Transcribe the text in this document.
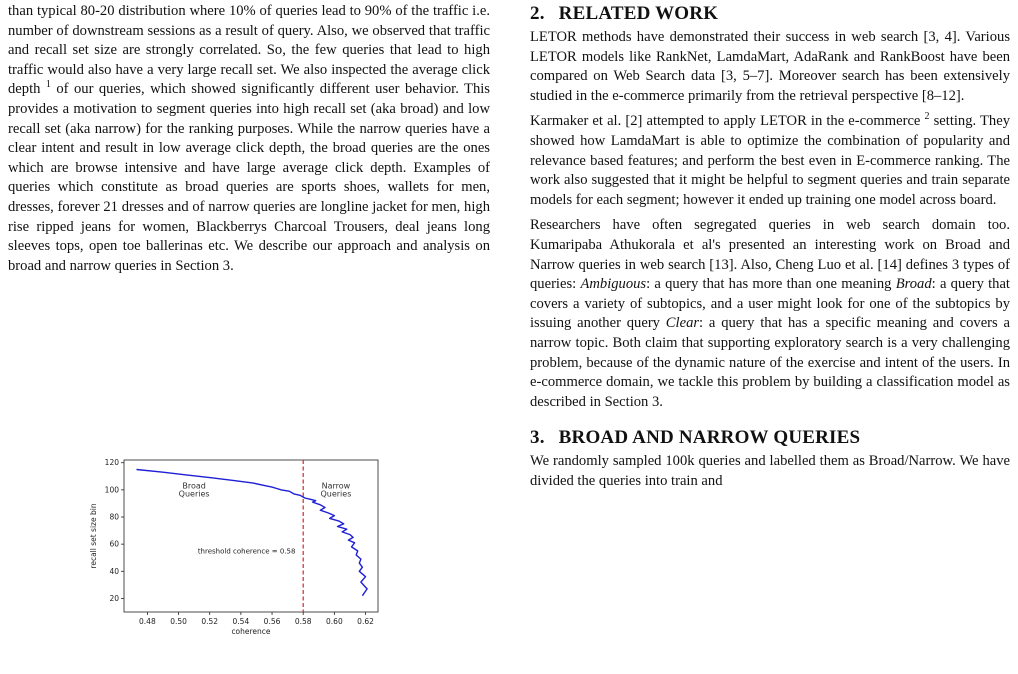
than typical 80-20 distribution where 10% of queries lead to 90% of the traffic i.e. number of downstream sessions as a result of query. Also, we observed that traffic and recall set size are strongly correlated. So, the few queries that lead to high traffic would also have a very large recall set. We also inspected the average click depth $^1$ of our queries, which showed significantly different user behavior. This provides a motivation to segment queries into high recall set (aka broad) and low recall set (aka narrow) for the ranking purposes. While the narrow queries have a clear intent and result in low average click depth, the broad queries are the ones which are browse intensive and have large average click depth. Examples of queries which constitute as broad queries are sports shoes, wallets for men, dresses, forever 21 dresses and of narrow queries are longline jacket for men, high rise ripped jeans for women, Blackberrys Charcoal Trousers, deal jeans long sleeves tops, open toe ballerinas etc. We describe our approach and analysis on broad and narrow queries in Section 3.

0.48 0.50 0.52 0.54 0.56 0.58 0.60 0.62
20
40
60
80
100
120
coherence
recall set size bin
Broad
Queries
Narrow
Queries
threshold coherence = 0.58
2. RELATED WORK

LETOR methods have demonstrated their success in web search [3, 4]. Various LETOR models like RankNet, LamdaMart, AdaRank and RankBoost have been compared on Web Search data [3, 5–7]. Moreover search has been extensively studied in the e-commerce primarily from the retrieval perspective [8–12].

Karmaker et al. [2] attempted to apply LETOR in the e-commerce $^2$ setting. They showed how LamdaMart is able to optimize the combination of popularity and relevance based features; and perform the best even in E-commerce ranking. The work also suggested that it might be helpful to segment queries and train separate models for each segment; however it ended up training one model across board.

Researchers have often segregated queries in web search domain too. Kumaripaba Athukorala et al's presented an interesting work on Broad and Narrow queries in web search [13]. Also, Cheng Luo et al. [14] defines 3 types of queries: Ambiguous: a query that has more than one meaning Broad: a query that covers a variety of subtopics, and a user might look for one of the subtopics by issuing another query Clear: a query that has a specific meaning and covers a narrow topic. Both claim that supporting exploratory search is a very challenging problem, because of the dynamic nature of the exercise and intent of the users. In e-commerce domain, we tackle this problem by building a classification model as described in Section 3.

3. BROAD AND NARROW QUERIES

We randomly sampled 100k queries and labelled them as Broad/Narrow. We have divided the queries into train and
